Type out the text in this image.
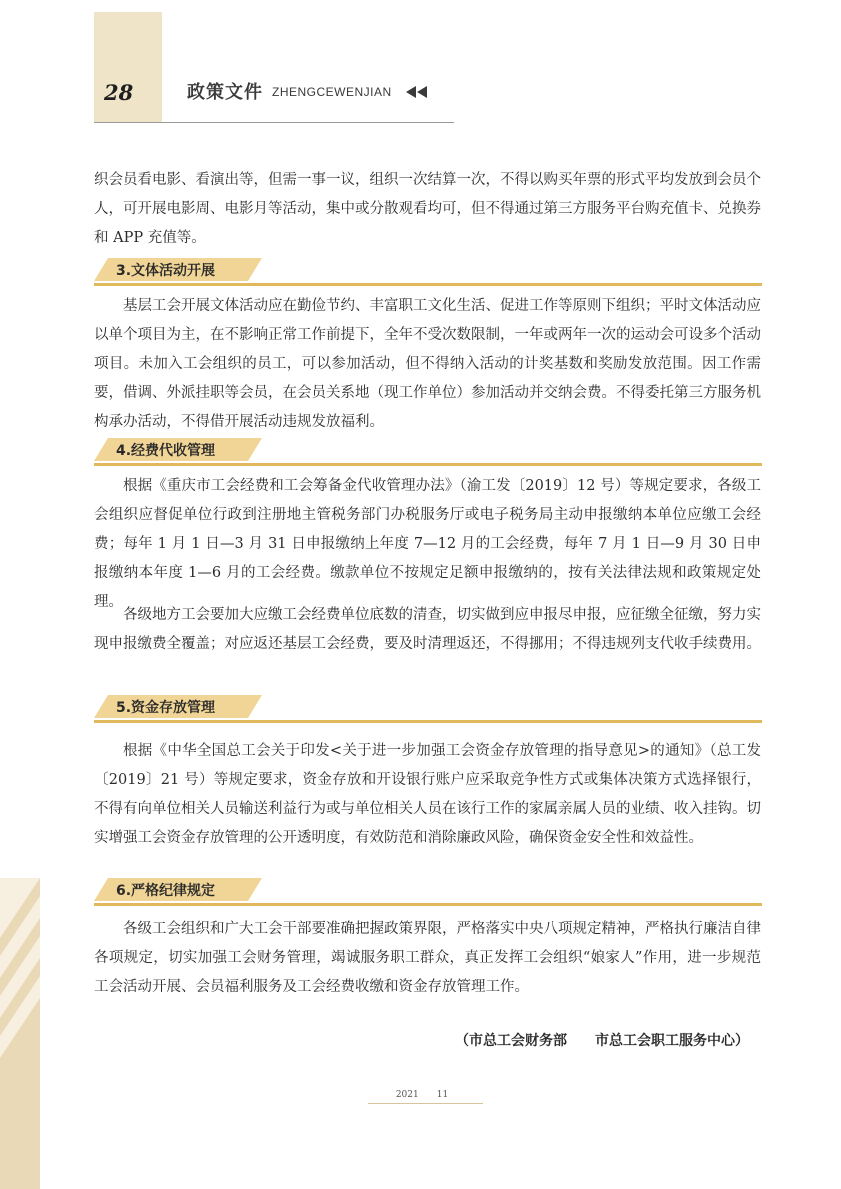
28	政策文件 ZHENGCEWENJIAN
织会员看电影、看演出等，但需一事一议，组织一次结算一次，不得以购买年票的形式平均发放到会员个人，可开展电影周、电影月等活动，集中或分散观看均可，但不得通过第三方服务平台购充值卡、兑换券和 APP 充值等。
3.文体活动开展
基层工会开展文体活动应在勤俭节约、丰富职工文化生活、促进工作等原则下组织；平时文体活动应以单个项目为主，在不影响正常工作前提下，全年不受次数限制，一年或两年一次的运动会可设多个活动项目。未加入工会组织的员工，可以参加活动，但不得纳入活动的计奖基数和奖励发放范围。因工作需要，借调、外派挂职等会员，在会员关系地（现工作单位）参加活动并交纳会费。不得委托第三方服务机构承办活动，不得借开展活动违规发放福利。
4.经费代收管理
根据《重庆市工会经费和工会筹备金代收管理办法》（渝工发〔2019〕12 号）等规定要求，各级工会组织应督促单位行政到注册地主管税务部门办税服务厅或电子税务局主动申报缴纳本单位应缴工会经费；每年 1 月 1 日—3 月 31 日申报缴纳上年度 7—12 月的工会经费，每年 7 月 1 日—9 月 30 日申报缴纳本年度 1—6 月的工会经费。缴款单位不按规定足额申报缴纳的，按有关法律法规和政策规定处理。
各级地方工会要加大应缴工会经费单位底数的清查，切实做到应申报尽申报，应征缴全征缴，努力实现申报缴费全覆盖；对应返还基层工会经费，要及时清理返还，不得挪用；不得违规列支代收手续费用。
5.资金存放管理
根据《中华全国总工会关于印发<关于进一步加强工会资金存放管理的指导意见>的通知》（总工发〔2019〕21 号）等规定要求，资金存放和开设银行账户应采取竞争性方式或集体决策方式选择银行，不得有向单位相关人员输送利益行为或与单位相关人员在该行工作的家属亲属人员的业绩、收入挂钩。切实增强工会资金存放管理的公开透明度，有效防范和消除廉政风险，确保资金安全性和效益性。
6.严格纪律规定
各级工会组织和广大工会干部要准确把握政策界限，严格落实中央八项规定精神，严格执行廉洁自律各项规定，切实加强工会财务管理，竭诚服务职工群众，真正发挥工会组织“娘家人”作用，进一步规范工会活动开展、会员福利服务及工会经费收缴和资金存放管理工作。
（市总工会财务部　　市总工会职工服务中心）
2021　　11
